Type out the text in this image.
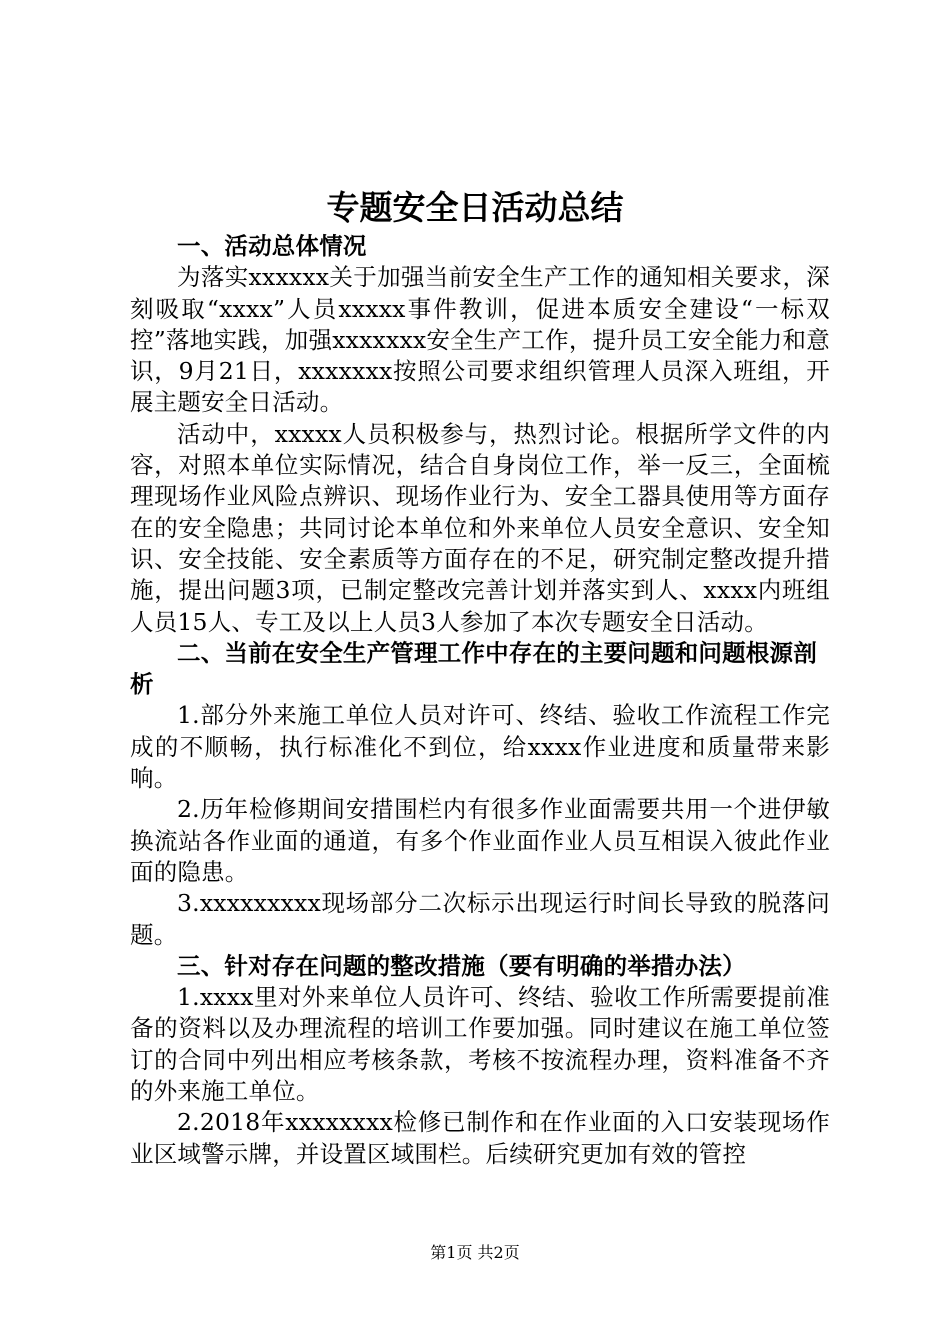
专题安全日活动总结

一、活动总体情况

为落实xxxxxx关于加强当前安全生产工作的通知相关要求，深刻吸取“xxxx”人员xxxxx事件教训，促进本质安全建设“一标双控”落地实践，加强xxxxxxx安全生产工作，提升员工安全能力和意识，9月21日，xxxxxxx按照公司要求组织管理人员深入班组，开展主题安全日活动。

活动中，xxxxx人员积极参与，热烈讨论。根据所学文件的内容，对照本单位实际情况，结合自身岗位工作，举一反三，全面梳理现场作业风险点辨识、现场作业行为、安全工器具使用等方面存在的安全隐患；共同讨论本单位和外来单位人员安全意识、安全知识、安全技能、安全素质等方面存在的不足，研究制定整改提升措施，提出问题3项，已制定整改完善计划并落实到人、xxxx内班组人员15人、专工及以上人员3人参加了本次专题安全日活动。

二、当前在安全生产管理工作中存在的主要问题和问题根源剖析

1.部分外来施工单位人员对许可、终结、验收工作流程工作完成的不顺畅，执行标准化不到位，给xxxx作业进度和质量带来影响。

2.历年检修期间安措围栏内有很多作业面需要共用一个进伊敏换流站各作业面的通道，有多个作业面作业人员互相误入彼此作业面的隐患。

3.xxxxxxxxx现场部分二次标示出现运行时间长导致的脱落问题。

三、针对存在问题的整改措施（要有明确的举措办法）

1.xxxx里对外来单位人员许可、终结、验收工作所需要提前准备的资料以及办理流程的培训工作要加强。同时建议在施工单位签订的合同中列出相应考核条款，考核不按流程办理，资料准备不齐的外来施工单位。

2.2018年xxxxxxxx检修已制作和在作业面的入口安装现场作业区域警示牌，并设置区域围栏。后续研究更加有效的管控

第1页 共2页
